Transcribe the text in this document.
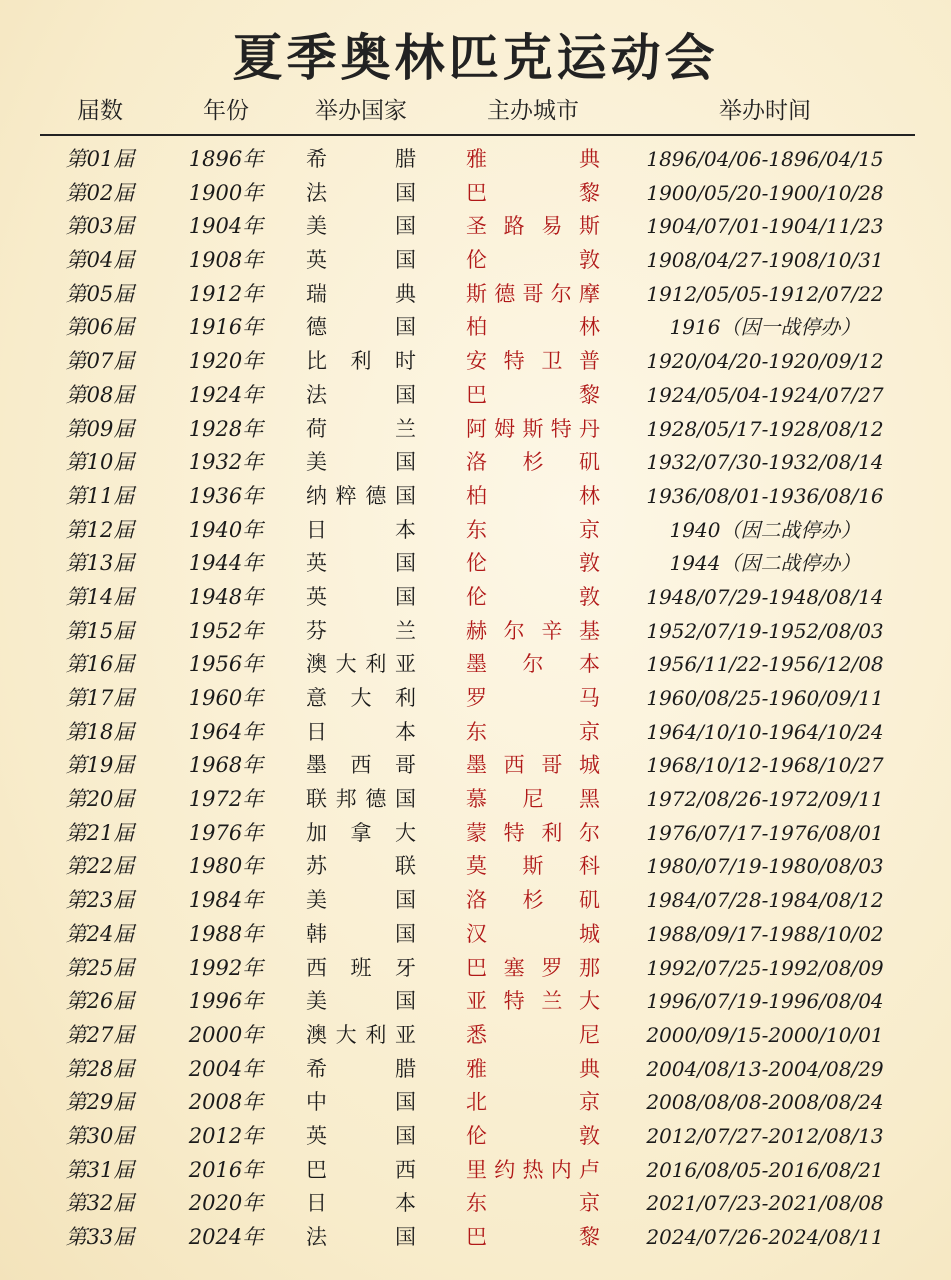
夏季奥林匹克运动会
届数	年份	举办国家	主办城市	举办时间
第01届	1896年	希腊 雅典	1896/04/06-1896/04/15
第02届	1900年	法国 巴黎	1900/05/20-1900/10/28
第03届	1904年	美国 圣路易斯	1904/07/01-1904/11/23
第04届	1908年	英国 伦敦	1908/04/27-1908/10/31
第05届	1912年	瑞典 斯德哥尔摩	1912/05/05-1912/07/22
第06届	1916年	德国 柏林	1916（因一战停办）
第07届	1920年	比利时 安特卫普	1920/04/20-1920/09/12
第08届	1924年	法国 巴黎	1924/05/04-1924/07/27
第09届	1928年	荷兰 阿姆斯特丹	1928/05/17-1928/08/12
第10届	1932年	美国 洛杉矶	1932/07/30-1932/08/14
第11届	1936年	纳粹德国 柏林	1936/08/01-1936/08/16
第12届	1940年	日本 东京	1940（因二战停办）
第13届	1944年	英国 伦敦	1944（因二战停办）
第14届	1948年	英国 伦敦	1948/07/29-1948/08/14
第15届	1952年	芬兰 赫尔辛基	1952/07/19-1952/08/03
第16届	1956年	澳大利亚 墨尔本	1956/11/22-1956/12/08
第17届	1960年	意大利 罗马	1960/08/25-1960/09/11
第18届	1964年	日本 东京	1964/10/10-1964/10/24
第19届	1968年	墨西哥 墨西哥城	1968/10/12-1968/10/27
第20届	1972年	联邦德国 慕尼黑	1972/08/26-1972/09/11
第21届	1976年	加拿大 蒙特利尔	1976/07/17-1976/08/01
第22届	1980年	苏联 莫斯科	1980/07/19-1980/08/03
第23届	1984年	美国 洛杉矶	1984/07/28-1984/08/12
第24届	1988年	韩国 汉城	1988/09/17-1988/10/02
第25届	1992年	西班牙 巴塞罗那	1992/07/25-1992/08/09
第26届	1996年	美国 亚特兰大	1996/07/19-1996/08/04
第27届	2000年	澳大利亚 悉尼	2000/09/15-2000/10/01
第28届	2004年	希腊 雅典	2004/08/13-2004/08/29
第29届	2008年	中国 北京	2008/08/08-2008/08/24
第30届	2012年	英国 伦敦	2012/07/27-2012/08/13
第31届	2016年	巴西 里约热内卢	2016/08/05-2016/08/21
第32届	2020年	日本 东京	2021/07/23-2021/08/08
第33届	2024年	法国 巴黎	2024/07/26-2024/08/11
